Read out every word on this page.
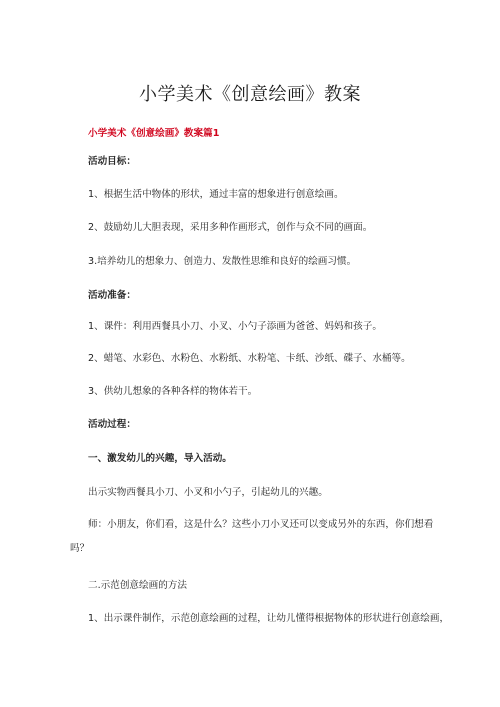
小学美术《创意绘画》教案
小学美术《创意绘画》教案篇1
活动目标：
1、根据生活中物体的形状，通过丰富的想象进行创意绘画。
2、鼓励幼儿大胆表现，采用多种作画形式，创作与众不同的画面。
3.培养幼儿的想象力、创造力、发散性思维和良好的绘画习惯。
活动准备：
1、课件：利用西餐具小刀、小叉、小勺子添画为爸爸、妈妈和孩子。
2、蜡笔、水彩色、水粉色、水粉纸、水粉笔、卡纸、沙纸、碟子、水桶等。
3、供幼儿想象的各种各样的物体若干。
活动过程：
一、激发幼儿的兴趣，导入活动。
出示实物西餐具小刀、小叉和小勺子，引起幼儿的兴趣。
师：小朋友，你们看，这是什么？这些小刀小叉还可以变成另外的东西，你们想看
吗？
二.示范创意绘画的方法
1、出示课件制作，示范创意绘画的过程，让幼儿懂得根据物体的形状进行创意绘画，
